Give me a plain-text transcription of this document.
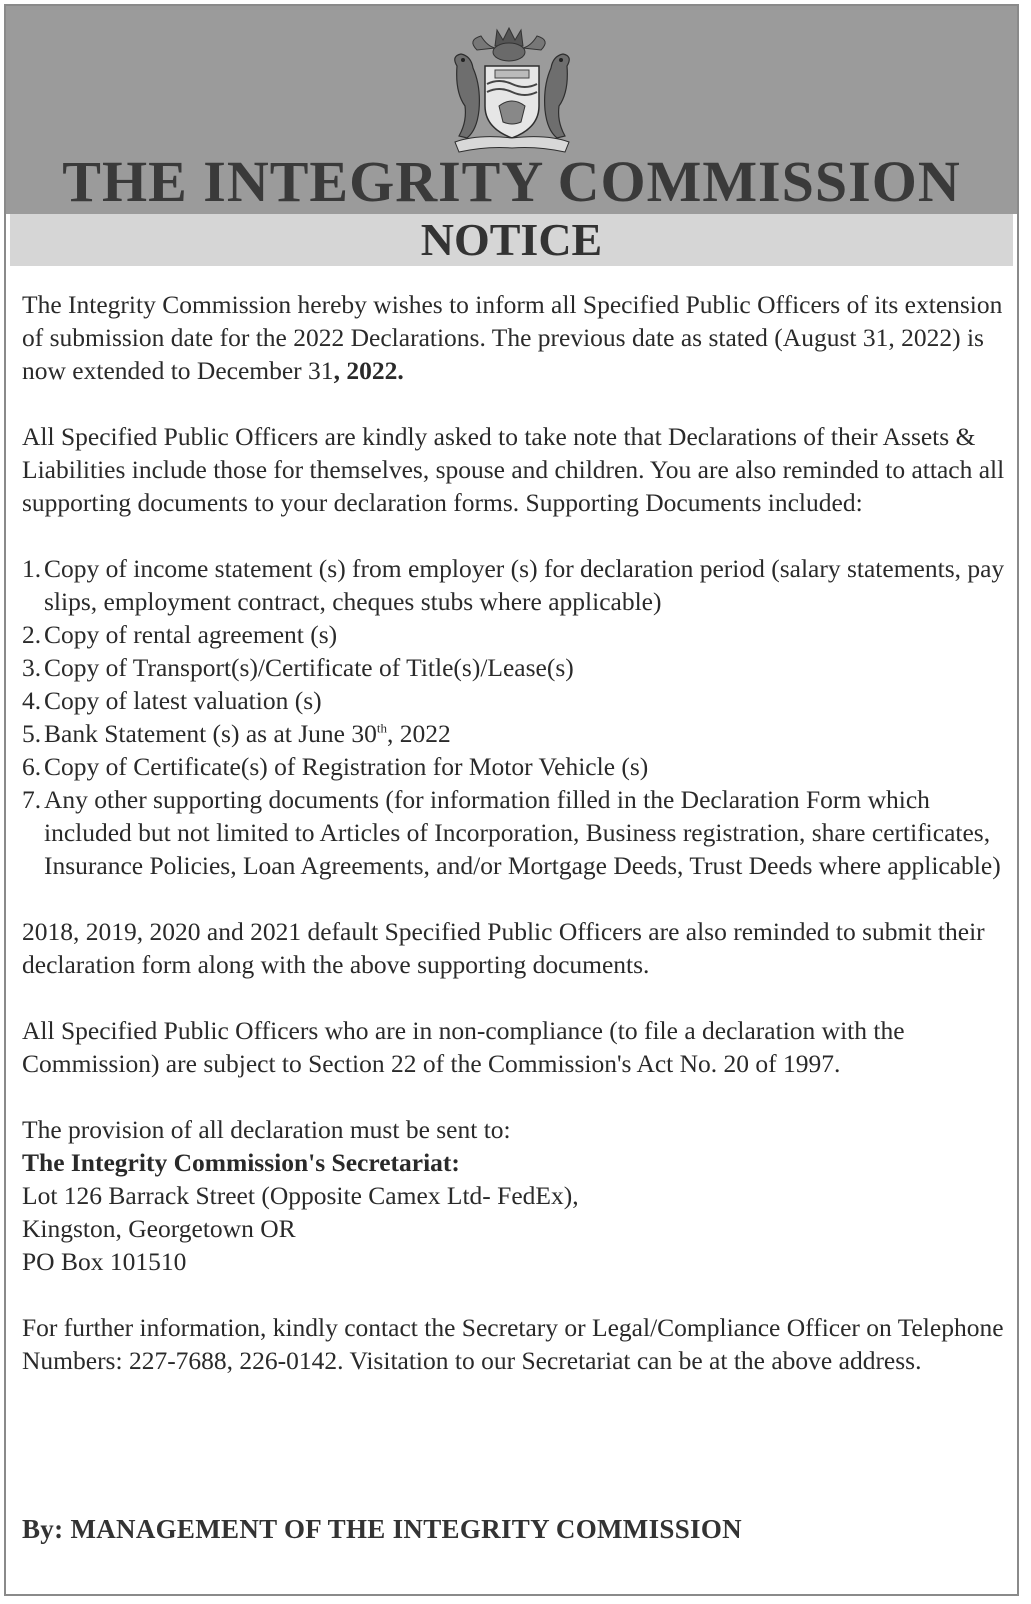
THE INTEGRITY COMMISSION
NOTICE

The Integrity Commission hereby wishes to inform all Specified Public Officers of its extension of submission date for the 2022 Declarations. The previous date as stated (August 31, 2022) is now extended to December 31, 2022.

All Specified Public Officers are kindly asked to take note that Declarations of their Assets & Liabilities include those for themselves, spouse and children. You are also reminded to attach all supporting documents to your declaration forms. Supporting Documents included:

1. Copy of income statement (s) from employer (s) for declaration period (salary statements, pay slips, employment contract, cheques stubs where applicable)
2. Copy of rental agreement (s)
3. Copy of Transport(s)/Certificate of Title(s)/Lease(s)
4. Copy of latest valuation (s)
5. Bank Statement (s) as at June 30th, 2022
6. Copy of Certificate(s) of Registration for Motor Vehicle (s)
7. Any other supporting documents (for information filled in the Declaration Form which included but not limited to Articles of Incorporation, Business registration, share certificates, Insurance Policies, Loan Agreements, and/or Mortgage Deeds, Trust Deeds where applicable)

2018, 2019, 2020 and 2021 default Specified Public Officers are also reminded to submit their declaration form along with the above supporting documents.

All Specified Public Officers who are in non-compliance (to file a declaration with the Commission) are subject to Section 22 of the Commission's Act No. 20 of 1997.

The provision of all declaration must be sent to:
The Integrity Commission's Secretariat:
Lot 126 Barrack Street (Opposite Camex Ltd- FedEx),
Kingston, Georgetown OR
PO Box 101510

For further information, kindly contact the Secretary or Legal/Compliance Officer on Telephone Numbers: 227-7688, 226-0142. Visitation to our Secretariat can be at the above address.

By: MANAGEMENT OF THE INTEGRITY COMMISSION
